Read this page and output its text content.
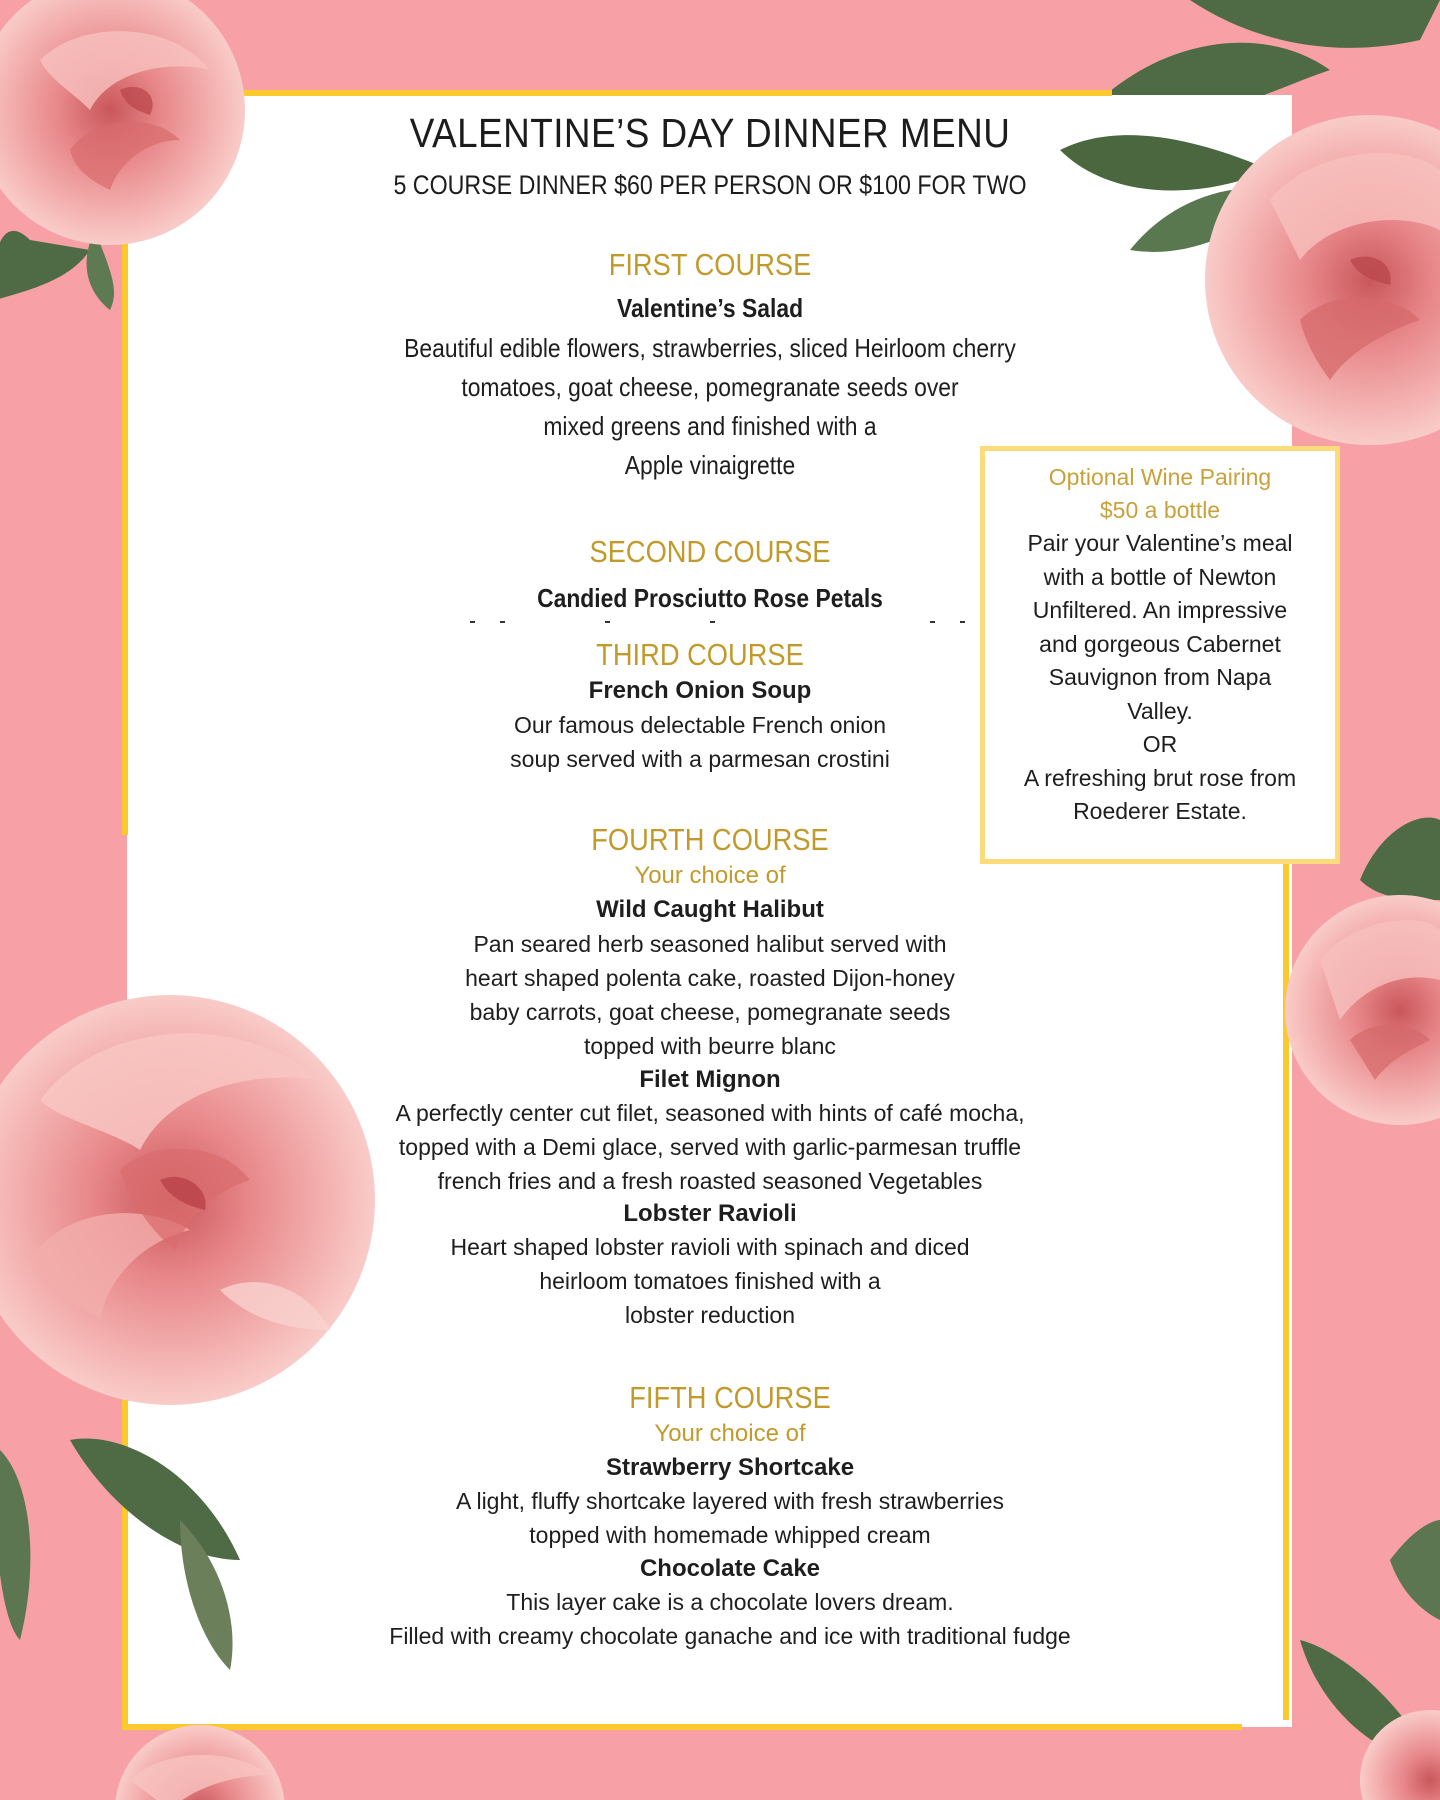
VALENTINE’S DAY DINNER MENU
5 COURSE DINNER $60 PER PERSON OR $100 FOR TWO
FIRST COURSE
Valentine’s Salad
Beautiful edible flowers, strawberries, sliced Heirloom cherry
tomatoes, goat cheese, pomegranate seeds over
mixed greens and finished with a
Apple vinaigrette
SECOND COURSE
Candied Prosciutto Rose Petals
THIRD COURSE
French Onion Soup
Our famous delectable French onion
soup served with a parmesan crostini
FOURTH COURSE
Your choice of
Wild Caught Halibut
Pan seared herb seasoned halibut served with
heart shaped polenta cake, roasted Dijon-honey
baby carrots, goat cheese, pomegranate seeds
topped with beurre blanc
Filet Mignon
A perfectly center cut filet, seasoned with hints of café mocha,
topped with a Demi glace, served with garlic-parmesan truffle
french fries and a fresh roasted seasoned Vegetables
Lobster Ravioli
Heart shaped lobster ravioli with spinach and diced
heirloom tomatoes finished with a
lobster reduction
FIFTH COURSE
Your choice of
Strawberry Shortcake
A light, fluffy shortcake layered with fresh strawberries
topped with homemade whipped cream
Chocolate Cake
This layer cake is a chocolate lovers dream.
Filled with creamy chocolate ganache and ice with traditional fudge
Optional Wine Pairing
$50 a bottle
Pair your Valentine’s meal
with a bottle of Newton
Unfiltered. An impressive
and gorgeous Cabernet
Sauvignon from Napa
Valley.
OR
A refreshing brut rose from
Roederer Estate.
